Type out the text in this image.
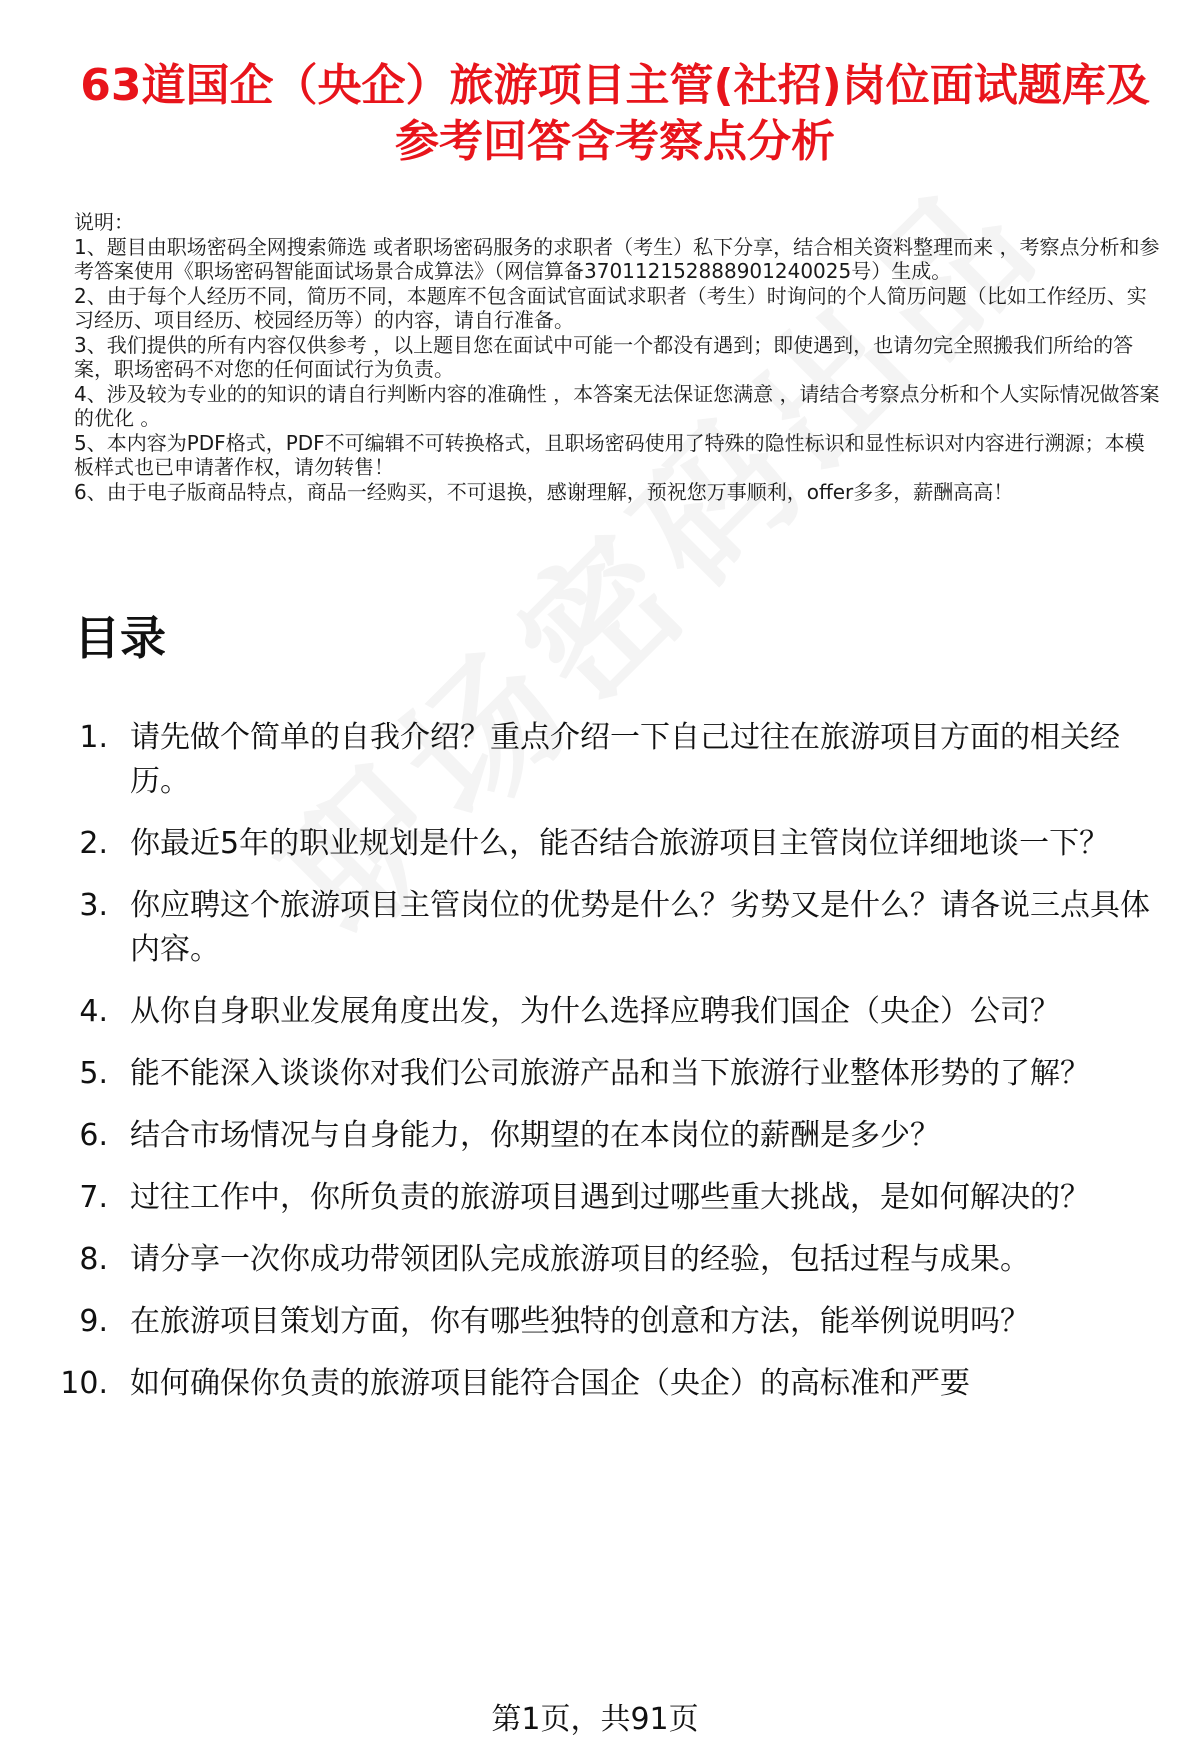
63道国企（央企）旅游项目主管(社招)岗位面试题库及参考回答含考察点分析

说明：

1、题目由职场密码全网搜索筛选 或者职场密码服务的求职者（考生）私下分享，结合相关资料整理而来 ，考察点分析和参考答案使用《职场密码智能面试场景合成算法》（网信算备370112152888901240025号）生成。

2、由于每个人经历不同，简历不同，本题库不包含面试官面试求职者（考生）时询问的个人简历问题（比如工作经历、实习经历、项目经历、校园经历等）的内容，请自行准备。

3、我们提供的所有内容仅供参考 ，以上题目您在面试中可能一个都没有遇到；即使遇到，也请勿完全照搬我们所给的答案，职场密码不对您的任何面试行为负责。

4、涉及较为专业的的知识的请自行判断内容的准确性 ，本答案无法保证您满意 ，请结合考察点分析和个人实际情况做答案的优化 。

5、本内容为PDF格式，PDF不可编辑不可转换格式，且职场密码使用了特殊的隐性标识和显性标识对内容进行溯源；本模板样式也已申请著作权，请勿转售！

6、由于电子版商品特点，商品一经购买，不可退换，感谢理解，预祝您万事顺利，offer多多，薪酬高高！

目录
1. 请先做个简单的自我介绍？重点介绍一下自己过往在旅游项目方面的相关经历。
2. 你最近5年的职业规划是什么，能否结合旅游项目主管岗位详细地谈一下？
3. 你应聘这个旅游项目主管岗位的优势是什么？劣势又是什么？请各说三点具体内容。
4. 从你自身职业发展角度出发，为什么选择应聘我们国企（央企）公司？
5. 能不能深入谈谈你对我们公司旅游产品和当下旅游行业整体形势的了解？
6. 结合市场情况与自身能力，你期望的在本岗位的薪酬是多少？
7. 过往工作中，你所负责的旅游项目遇到过哪些重大挑战，是如何解决的？
8. 请分享一次你成功带领团队完成旅游项目的经验，包括过程与成果。
9. 在旅游项目策划方面，你有哪些独特的创意和方法，能举例说明吗？
10. 如何确保你负责的旅游项目能符合国企（央企）的高标准和严要
第1页，共91页
